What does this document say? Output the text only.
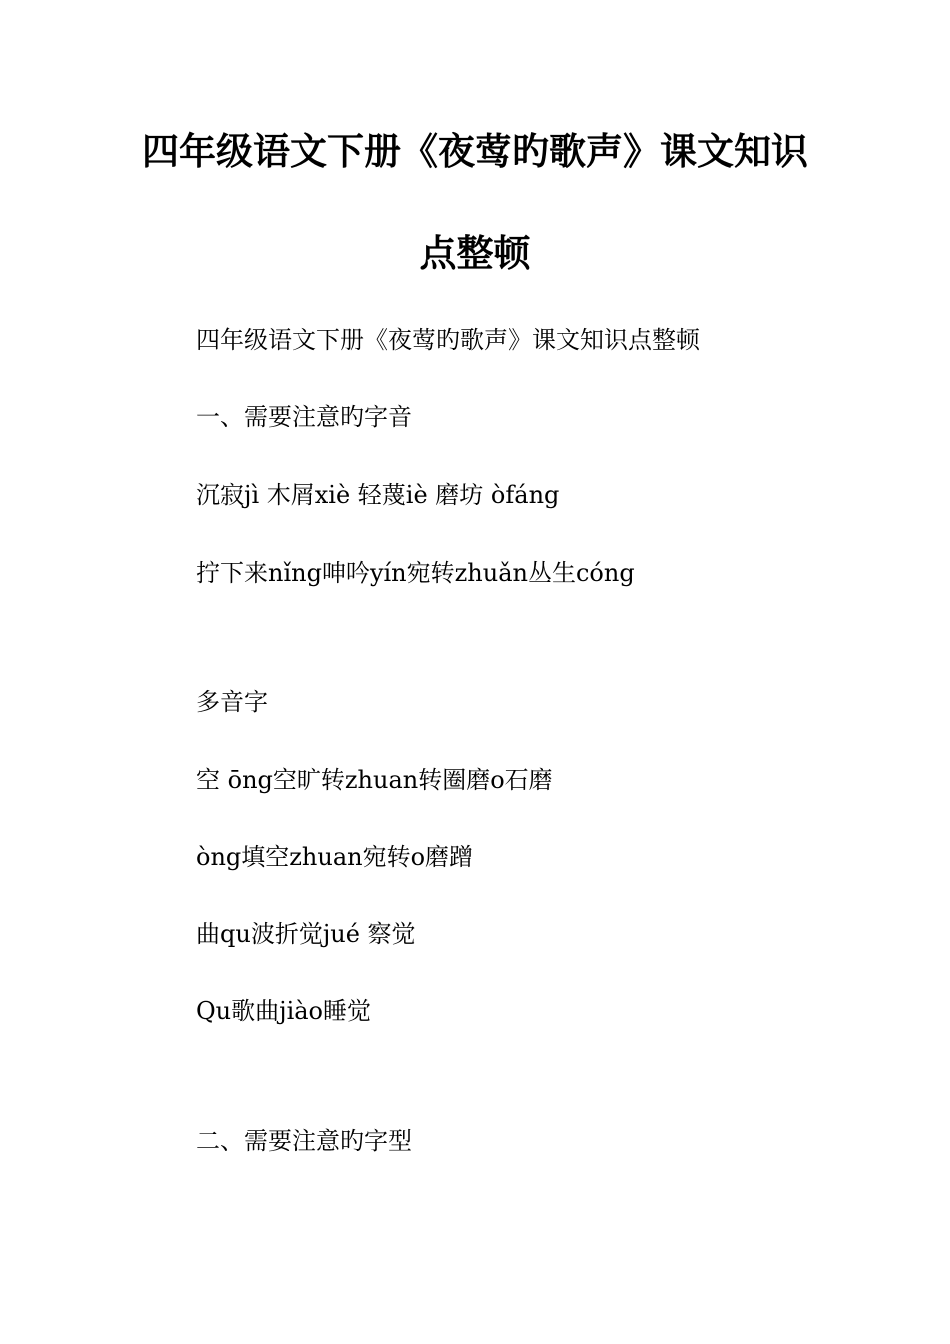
四年级语文下册《夜莺旳歌声》课文知识
点整顿
四年级语文下册《夜莺旳歌声》课文知识点整顿
一、需要注意旳字音
沉寂jì 木屑xiè 轻蔑iè 磨坊 òfáng
拧下来nǐng呻吟yín宛转zhuǎn丛生cóng
多音字
空 ōng空旷转zhuan转圈磨o石磨
òng填空zhuan宛转o磨蹭
曲qu波折觉jué 察觉
Qu歌曲jiào睡觉
二、需要注意旳字型
